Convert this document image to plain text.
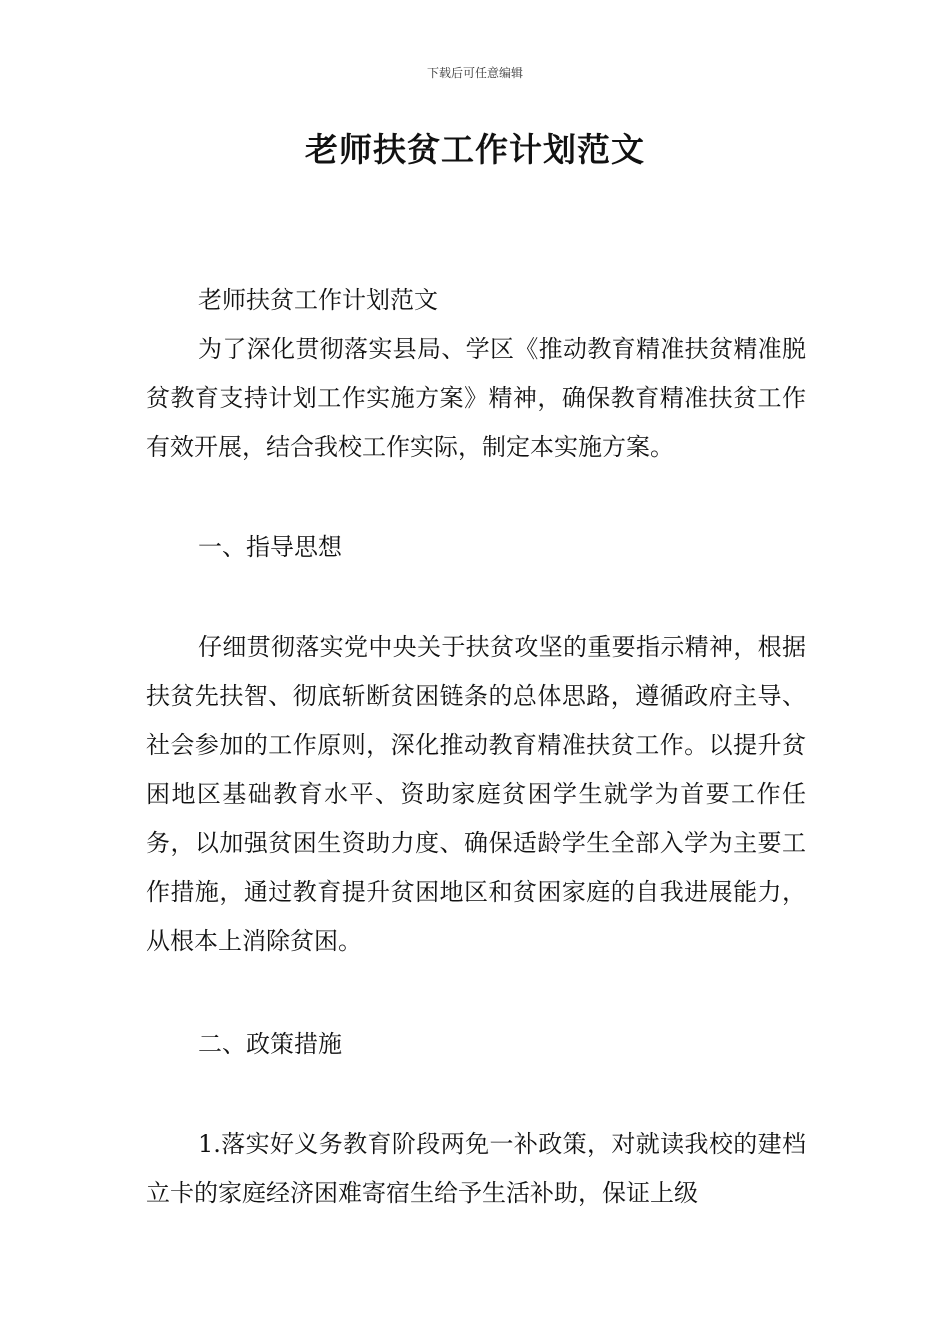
下载后可任意编辑
老师扶贫工作计划范文

老师扶贫工作计划范文

为了深化贯彻落实县局、学区《推动教育精准扶贫精准脱贫教育支持计划工作实施方案》精神，确保教育精准扶贫工作有效开展，结合我校工作实际，制定本实施方案。

一、指导思想

仔细贯彻落实党中央关于扶贫攻坚的重要指示精神，根据扶贫先扶智、彻底斩断贫困链条的总体思路，遵循政府主导、社会参加的工作原则，深化推动教育精准扶贫工作。以提升贫困地区基础教育水平、资助家庭贫困学生就学为首要工作任务，以加强贫困生资助力度、确保适龄学生全部入学为主要工作措施，通过教育提升贫困地区和贫困家庭的自我进展能力，从根本上消除贫困。

二、政策措施

1.落实好义务教育阶段两免一补政策，对就读我校的建档立卡的家庭经济困难寄宿生给予生活补助，保证上级
